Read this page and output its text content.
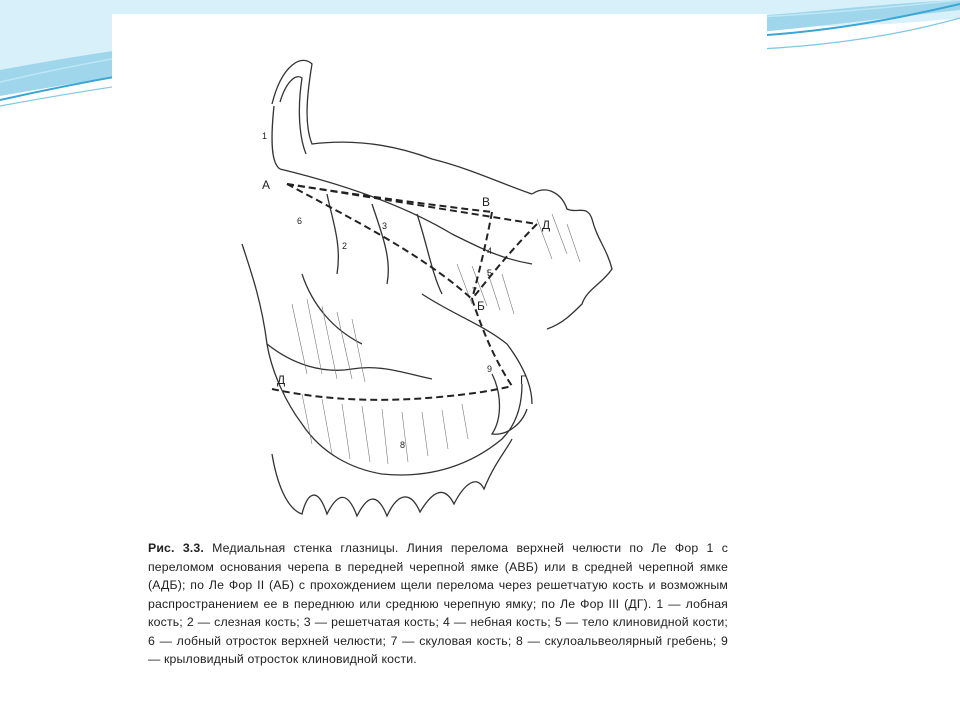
А
В
Д
Б
Д	Г
1
2
3
4
5
6
7
8
9
Рис. 3.3. Медиальная стенка глазницы. Линия перелома верхней челюсти по Ле Фор 1 с переломом основания черепа в передней черепной ямке (АВБ) или в средней черепной ямке (АДБ); по Ле Фор II (АБ) с прохождением щели перелома через решетчатую кость и возможным распространением ее в переднюю или среднюю черепную ямку; по Ле Фор III (ДГ). 1 — лобная кость; 2 — слезная кость; 3 — решетчатая кость; 4 — небная кость; 5 — тело клиновидной кости; 6 — лобный отросток верхней челюсти; 7 — скуловая кость; 8 — скулоальвеолярный гребень; 9 — крыловидный отросток клиновидной кости.
